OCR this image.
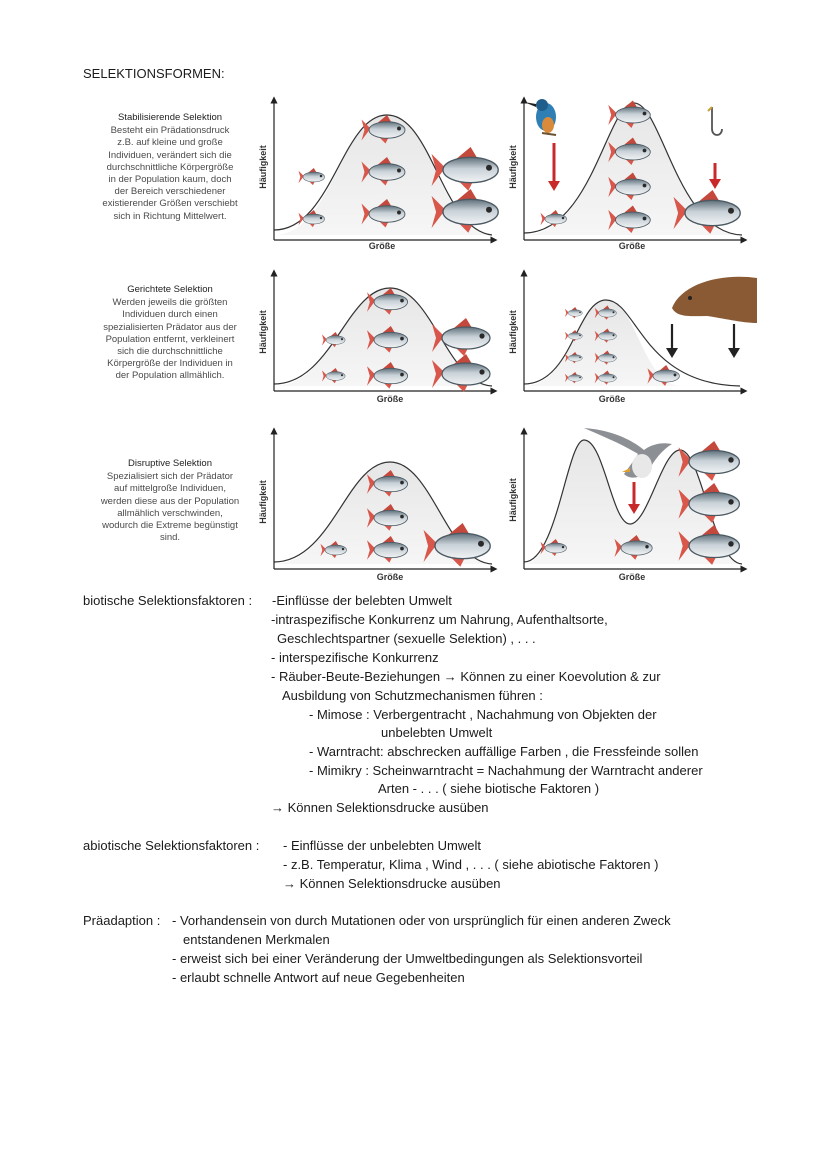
SELEKTIONSFORMEN:
Stabilisierende Selektion
Besteht ein Prädationsdruck
z.B. auf kleine und große
Individuen, verändert sich die
durchschnittliche Körpergröße
in der Population kaum, doch
der Bereich verschiedener
existierender Größen verschiebt
sich in Richtung Mittelwert.
Gerichtete Selektion
Werden jeweils die größten
Individuen durch einen
spezialisierten Prädator aus der
Population entfernt, verkleinert
sich die durchschnittliche
Körpergröße der Individuen in
der Population allmählich.
Disruptive Selektion
Spezialisiert sich der Prädator
auf mittelgroße Individuen,
werden diese aus der Population
allmählich verschwinden,
wodurch die Extreme begünstigt
sind.
Häufigkeit
Größe
Häufigkeit
Größe
Häufigkeit
Größe
Häufigkeit
Größe
Häufigkeit
Größe
Häufigkeit
Größe
biotische Selektionsfaktoren : -Einflüsse der belebten Umwelt
-intraspezifische Konkurrenz um Nahrung, Aufenthaltsorte,
Geschlechtspartner (sexuelle Selektion) , . . .
- interspezifische Konkurrenz
- Räuber-Beute-Beziehungen → Können zu einer Koevolution & zur
Ausbildung von Schutzmechanismen führen :
- Mimose : Verbergentracht , Nachahmung von Objekten der
unbelebten Umwelt
- Warntracht: abschrecken auffällige Farben , die Fressfeinde sollen
- Mimikry : Scheinwarntracht = Nachahmung der Warntracht anderer
Arten - . . . ( siehe biotische Faktoren )
→ Können Selektionsdrucke ausüben
abiotische Selektionsfaktoren : - Einflüsse der unbelebten Umwelt
- z.B. Temperatur, Klima , Wind , . . . ( siehe abiotische Faktoren )
→ Können Selektionsdrucke ausüben
Präadaption : - Vorhandensein von durch Mutationen oder von ursprünglich für einen anderen Zweck
entstandenen Merkmalen
- erweist sich bei einer Veränderung der Umweltbedingungen als Selektionsvorteil
- erlaubt schnelle Antwort auf neue Gegebenheiten
